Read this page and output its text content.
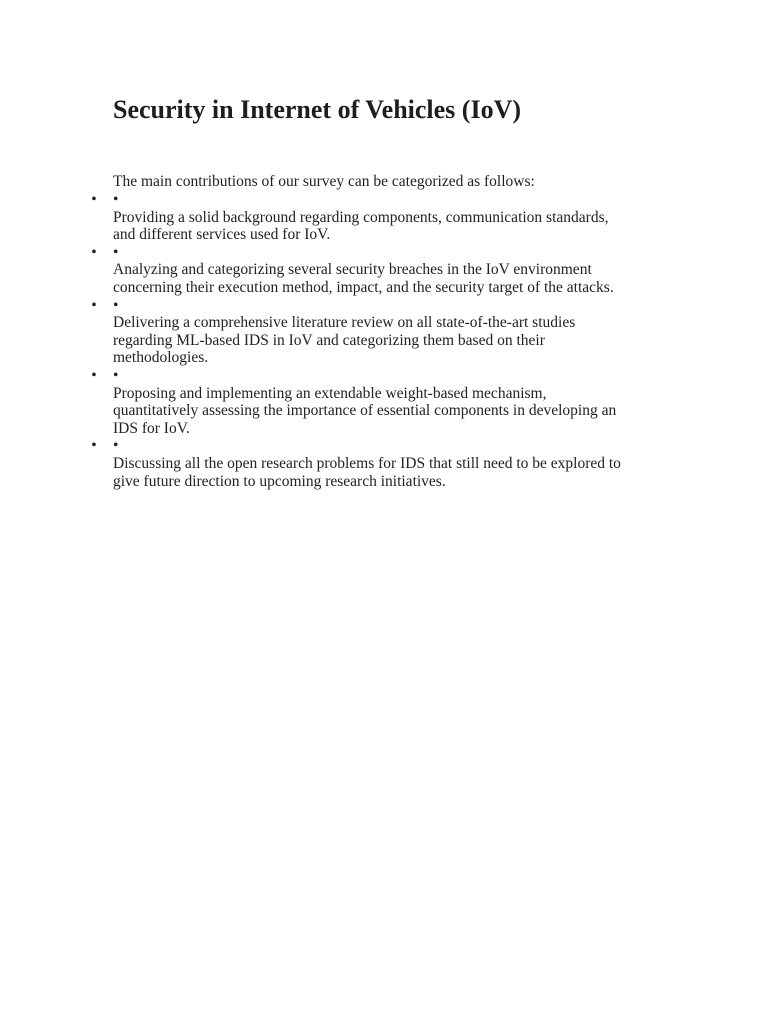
Security in Internet of Vehicles (IoV)

The main contributions of our survey can be categorized as follows:

• •
Providing a solid background regarding components, communication standards,
and different services used for IoV.
• •
Analyzing and categorizing several security breaches in the IoV environment
concerning their execution method, impact, and the security target of the attacks.
• •
Delivering a comprehensive literature review on all state-of-the-art studies
regarding ML-based IDS in IoV and categorizing them based on their
methodologies.
• •
Proposing and implementing an extendable weight-based mechanism,
quantitatively assessing the importance of essential components in developing an
IDS for IoV.
• •
Discussing all the open research problems for IDS that still need to be explored to
give future direction to upcoming research initiatives.
